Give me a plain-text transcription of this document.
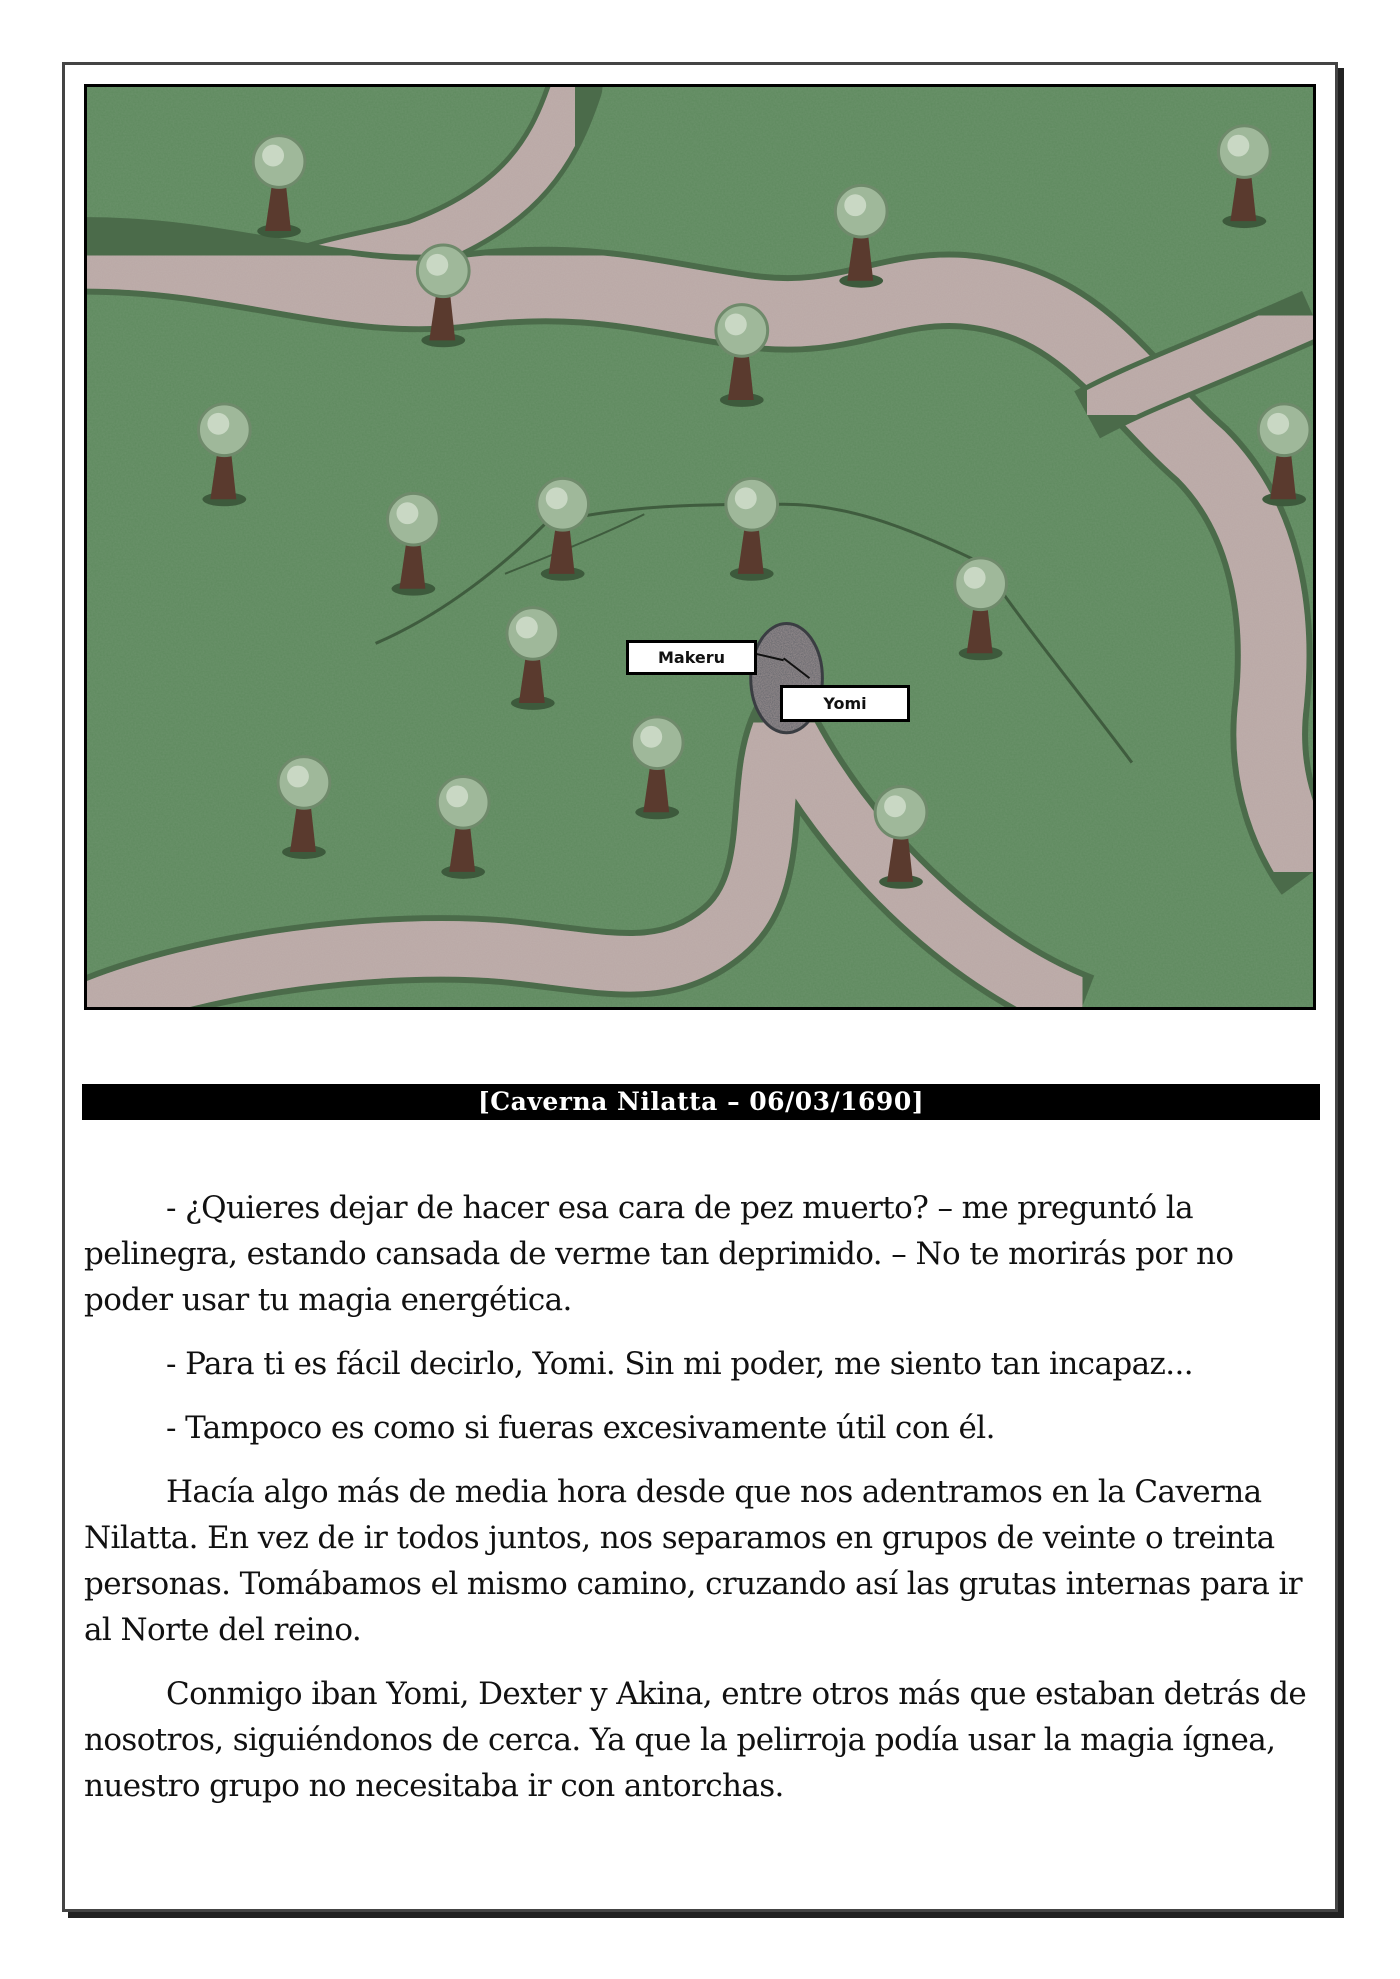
Makeru
Yomi
[Caverna Nilatta – 06/03/1690]

- ¿Quieres dejar de hacer esa cara de pez muerto? – me preguntó la pelinegra, estando cansada de verme tan deprimido. – No te morirás por no poder usar tu magia energética.

- Para ti es fácil decirlo, Yomi. Sin mi poder, me siento tan incapaz...

- Tampoco es como si fueras excesivamente útil con él.

Hacía algo más de media hora desde que nos adentramos en la Caverna Nilatta. En vez de ir todos juntos, nos separamos en grupos de veinte o treinta personas. Tomábamos el mismo camino, cruzando así las grutas internas para ir al Norte del reino.

Conmigo iban Yomi, Dexter y Akina, entre otros más que estaban detrás de nosotros, siguiéndonos de cerca. Ya que la pelirroja podía usar la magia ígnea, nuestro grupo no necesitaba ir con antorchas.
